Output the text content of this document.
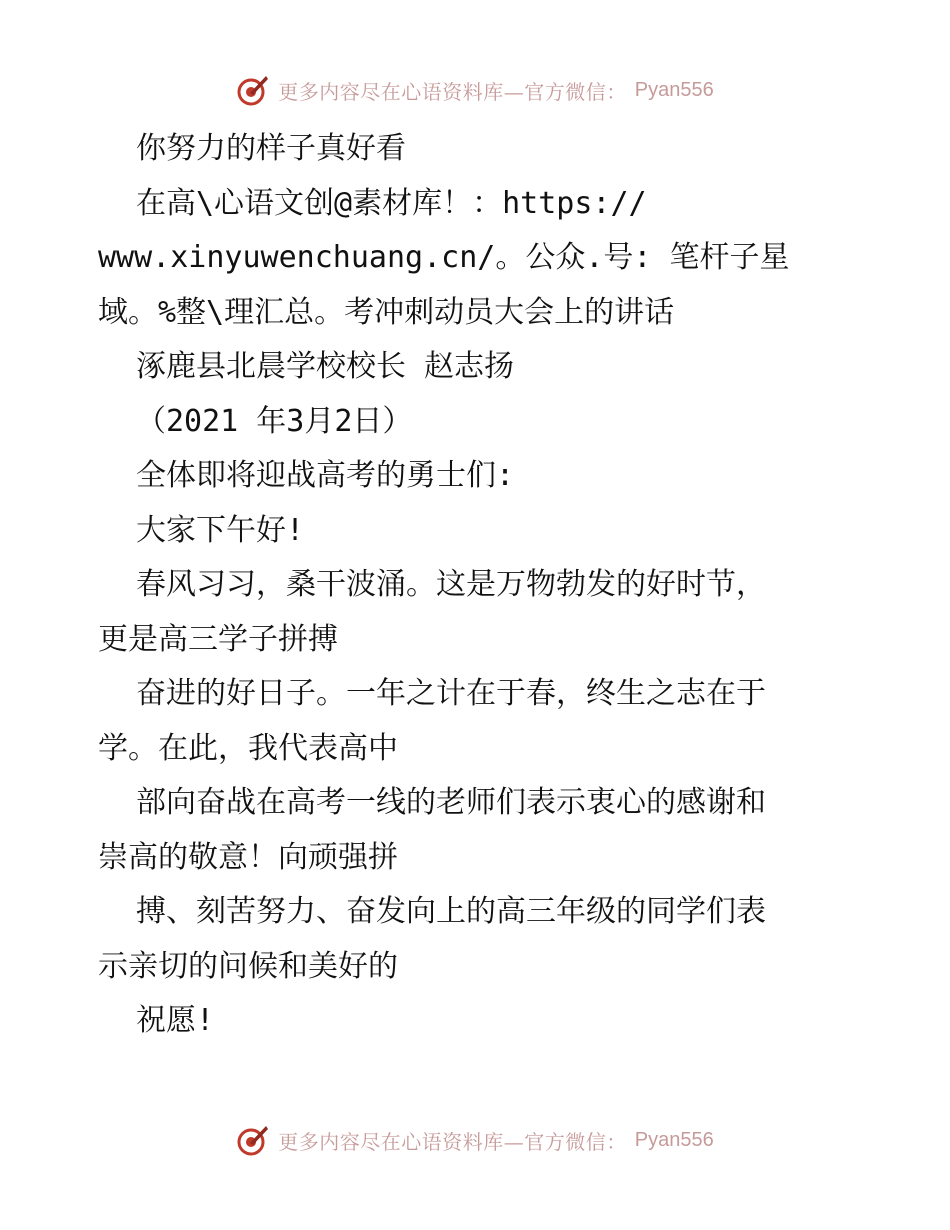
更多内容尽在心语资料库—官方微信： Pyan556
你努力的样子真好看
在高\心语文创@素材库！：https://
www.xinyuwenchuang.cn/。公众.号: 笔杆子星
域。%整\理汇总。考冲刺动员大会上的讲话
涿鹿县北晨学校校长 赵志扬
（2021 年3月2日）
全体即将迎战高考的勇士们:
大家下午好!
春风习习，桑干波涌。这是万物勃发的好时节，
更是高三学子拼搏
奋进的好日子。一年之计在于春，终生之志在于
学。在此，我代表高中
部向奋战在高考一线的老师们表示衷心的感谢和
崇高的敬意！向顽强拼
搏、刻苦努力、奋发向上的高三年级的同学们表
示亲切的问候和美好的
祝愿!
更多内容尽在心语资料库—官方微信： Pyan556
